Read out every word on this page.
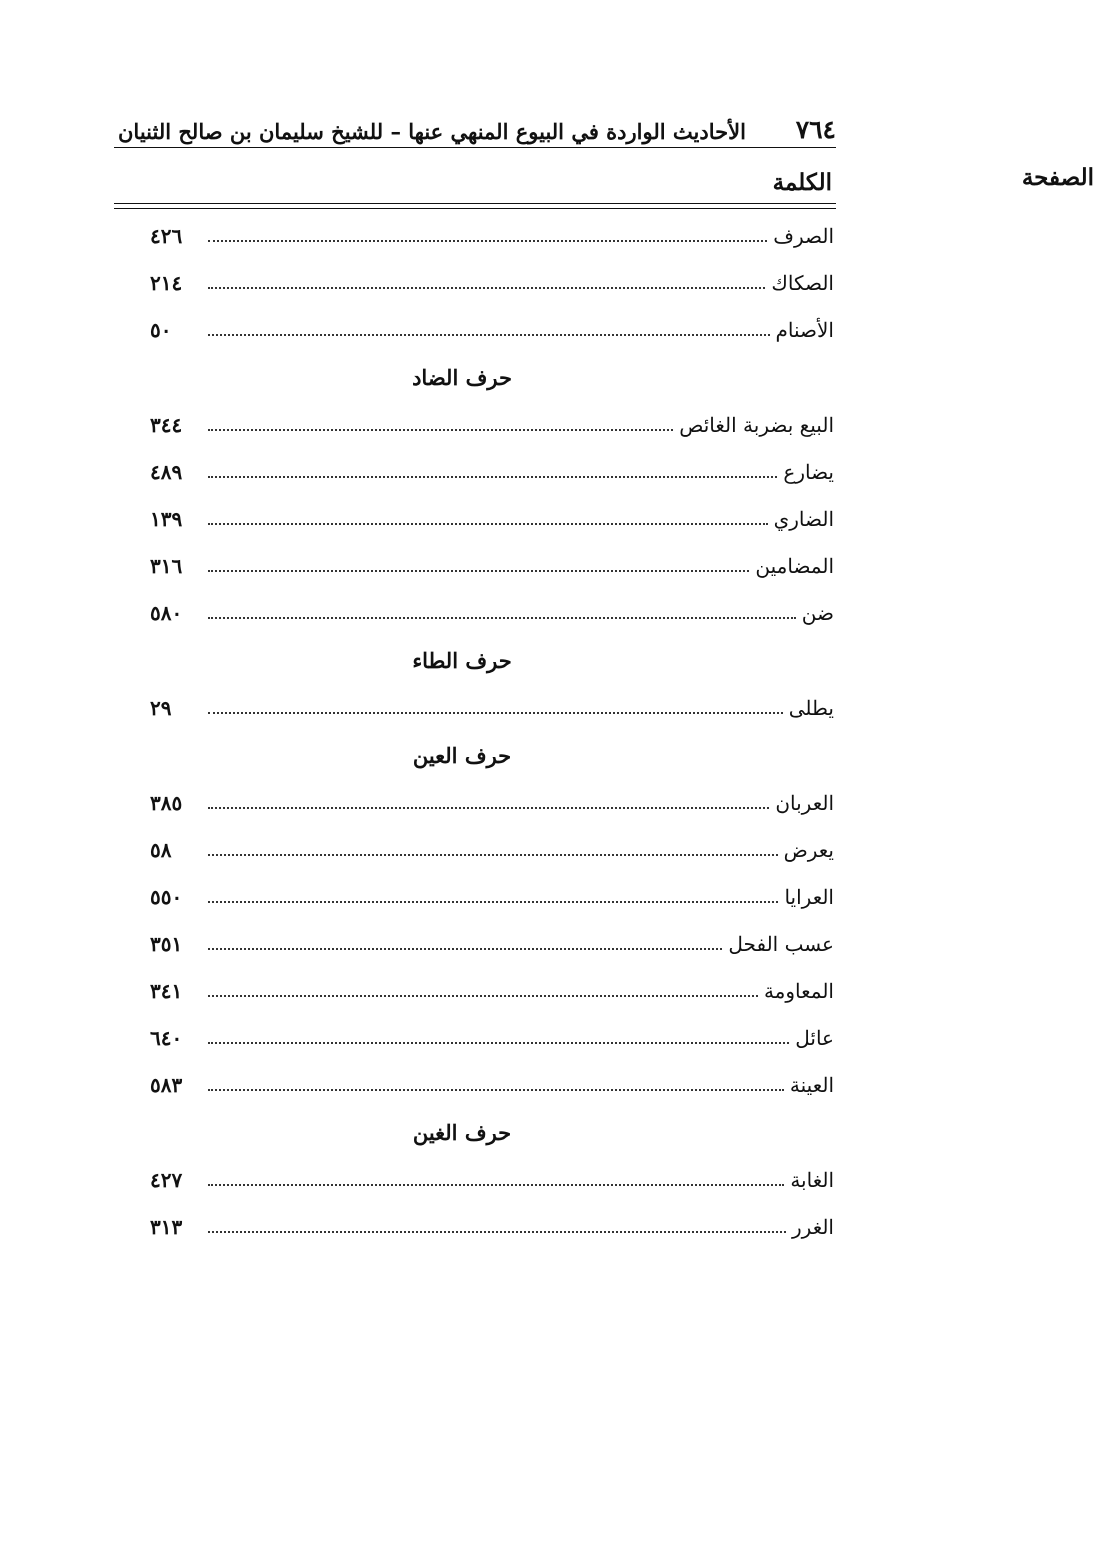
٧٦٤
الأحاديث الواردة في البيوع المنهي عنها – للشيخ سليمان بن صالح الثنيان
الكلمة	الصفحة
الصرف
٤٢٦
الصكاك
٢١٤
الأصنام
٥٠
حرف الضاد
البيع بضربة الغائص
٣٤٤
يضارع
٤٨٩
الضاري
١٣٩
المضامين
٣١٦
ضن
٥٨٠
حرف الطاء
يطلى
٢٩
حرف العين
العربان
٣٨٥
يعرض
٥٨
العرايا
٥٥٠
عسب الفحل
٣٥١
المعاومة
٣٤١
عائل
٦٤٠
العينة
٥٨٣
حرف الغين
الغابة
٤٢٧
الغرر
٣١٣
